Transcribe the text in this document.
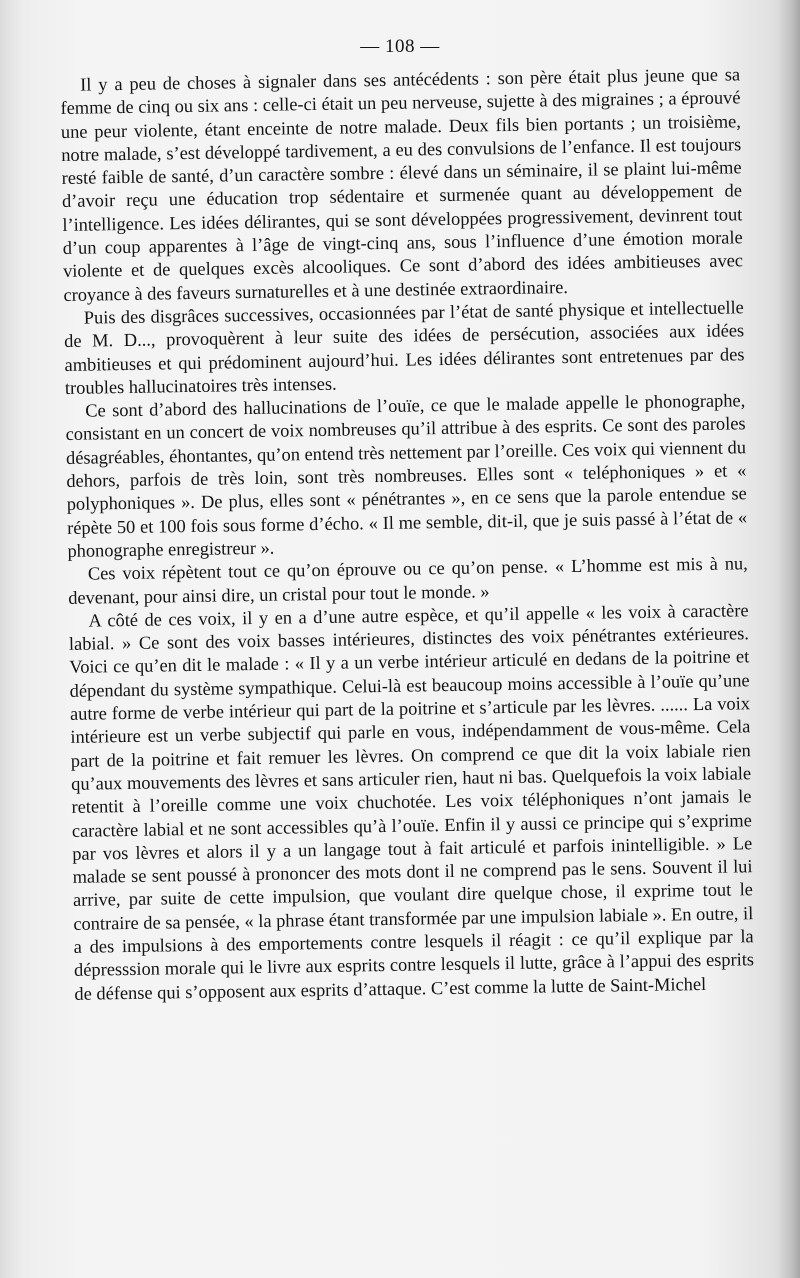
— 108 —

Il y a peu de choses à signaler dans ses antécédents : son père était plus jeune que sa femme de cinq ou six ans : celle-ci était un peu nerveuse, sujette à des migraines ; a éprouvé une peur violente, étant enceinte de notre malade. Deux fils bien portants ; un troisième, notre malade, s’est développé tardivement, a eu des convulsions de l’enfance. Il est toujours resté faible de santé, d’un caractère sombre : élevé dans un séminaire, il se plaint lui-même d’avoir reçu une éducation trop sédentaire et surmenée quant au développement de l’intelligence. Les idées délirantes, qui se sont développées progressivement, devinrent tout d’un coup apparentes à l’âge de vingt-cinq ans, sous l’influence d’une émotion morale violente et de quelques excès alcooliques. Ce sont d’abord des idées ambitieuses avec croyance à des faveurs surnaturelles et à une destinée extraordinaire.

Puis des disgrâces successives, occasionnées par l’état de santé physique et intellectuelle de M. D..., provoquèrent à leur suite des idées de persécution, associées aux idées ambitieuses et qui prédominent aujourd’hui. Les idées délirantes sont entretenues par des troubles hallucinatoires très intenses.

Ce sont d’abord des hallucinations de l’ouïe, ce que le malade appelle le phonographe, consistant en un concert de voix nombreuses qu’il attribue à des esprits. Ce sont des paroles désagréables, éhontantes, qu’on entend très nettement par l’oreille. Ces voix qui viennent du dehors, parfois de très loin, sont très nombreuses. Elles sont « teléphoniques » et « polyphoniques ». De plus, elles sont « pénétrantes », en ce sens que la parole entendue se répète 50 et 100 fois sous forme d’écho. « Il me semble, dit-il, que je suis passé à l’état de « phonographe enregistreur ».

Ces voix répètent tout ce qu’on éprouve ou ce qu’on pense. « L’homme est mis à nu, devenant, pour ainsi dire, un cristal pour tout le monde. »

A côté de ces voix, il y en a d’une autre espèce, et qu’il appelle « les voix à caractère labial. » Ce sont des voix basses intérieures, distinctes des voix pénétrantes extérieures. Voici ce qu’en dit le malade : « Il y a un verbe intérieur articulé en dedans de la poitrine et dépendant du système sympathique. Celui-là est beaucoup moins accessible à l’ouïe qu’une autre forme de verbe intérieur qui part de la poitrine et s’articule par les lèvres. ...... La voix intérieure est un verbe subjectif qui parle en vous, indépendamment de vous-même. Cela part de la poitrine et fait remuer les lèvres. On comprend ce que dit la voix labiale rien qu’aux mouvements des lèvres et sans articuler rien, haut ni bas. Quelquefois la voix labiale retentit à l’oreille comme une voix chuchotée. Les voix téléphoniques n’ont jamais le caractère labial et ne sont accessibles qu’à l’ouïe. Enfin il y aussi ce principe qui s’exprime par vos lèvres et alors il y a un langage tout à fait articulé et parfois inintelligible. » Le malade se sent poussé à prononcer des mots dont il ne comprend pas le sens. Souvent il lui arrive, par suite de cette impulsion, que voulant dire quelque chose, il exprime tout le contraire de sa pensée, « la phrase étant transformée par une impulsion labiale ». En outre, il a des impulsions à des emportements contre lesquels il réagit : ce qu’il explique par la dépresssion morale qui le livre aux esprits contre lesquels il lutte, grâce à l’appui des esprits de défense qui s’opposent aux esprits d’attaque. C’est comme la lutte de Saint-Michel
